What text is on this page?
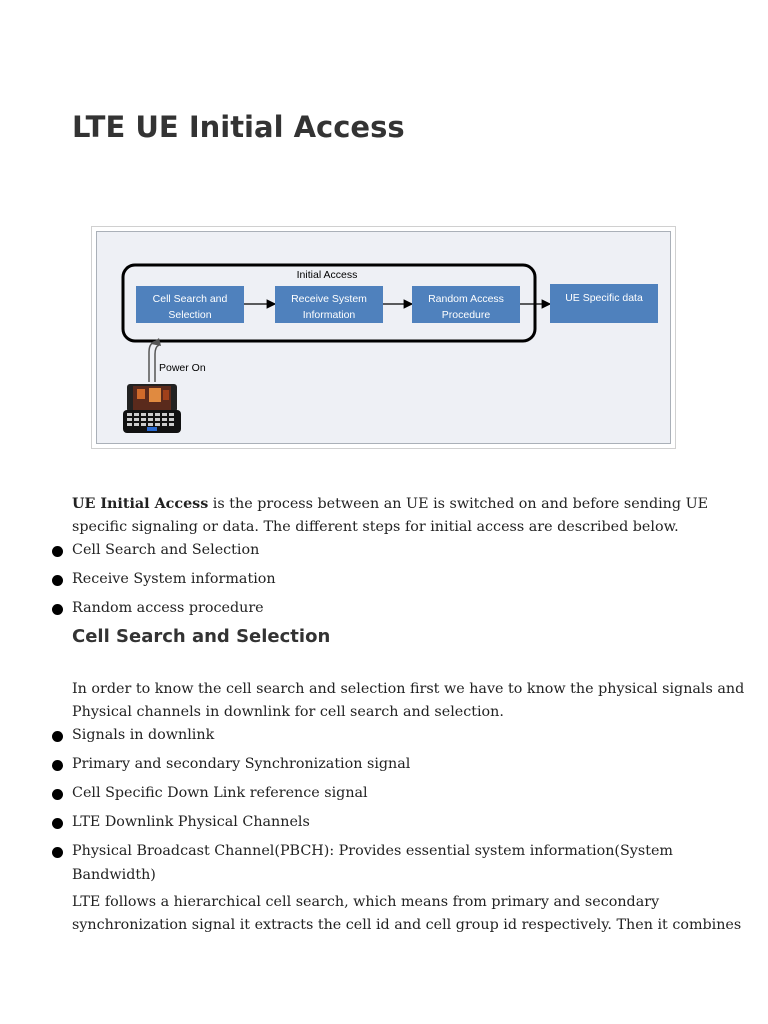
LTE UE Initial Access
Initial Access
Cell Search and
Selection
Receive System
Information
Random Access
Procedure
UE Specific data
Power On

UE Initial Access is the process between an UE is switched on and before sending UE

specific signaling or data. The different steps for initial access are described below.

Cell Search and Selection
Receive System information
Random access procedure
Cell Search and Selection

In order to know the cell search and selection first we have to know the physical signals and

Physical channels in downlink for cell search and selection.

Signals in downlink
Primary and secondary Synchronization signal
Cell Specific Down Link reference signal
LTE Downlink Physical Channels
Physical Broadcast Channel(PBCH): Provides essential system information(System

Bandwidth)

LTE follows a hierarchical cell search, which means from primary and secondary

synchronization signal it extracts the cell id and cell group id respectively. Then it combines
